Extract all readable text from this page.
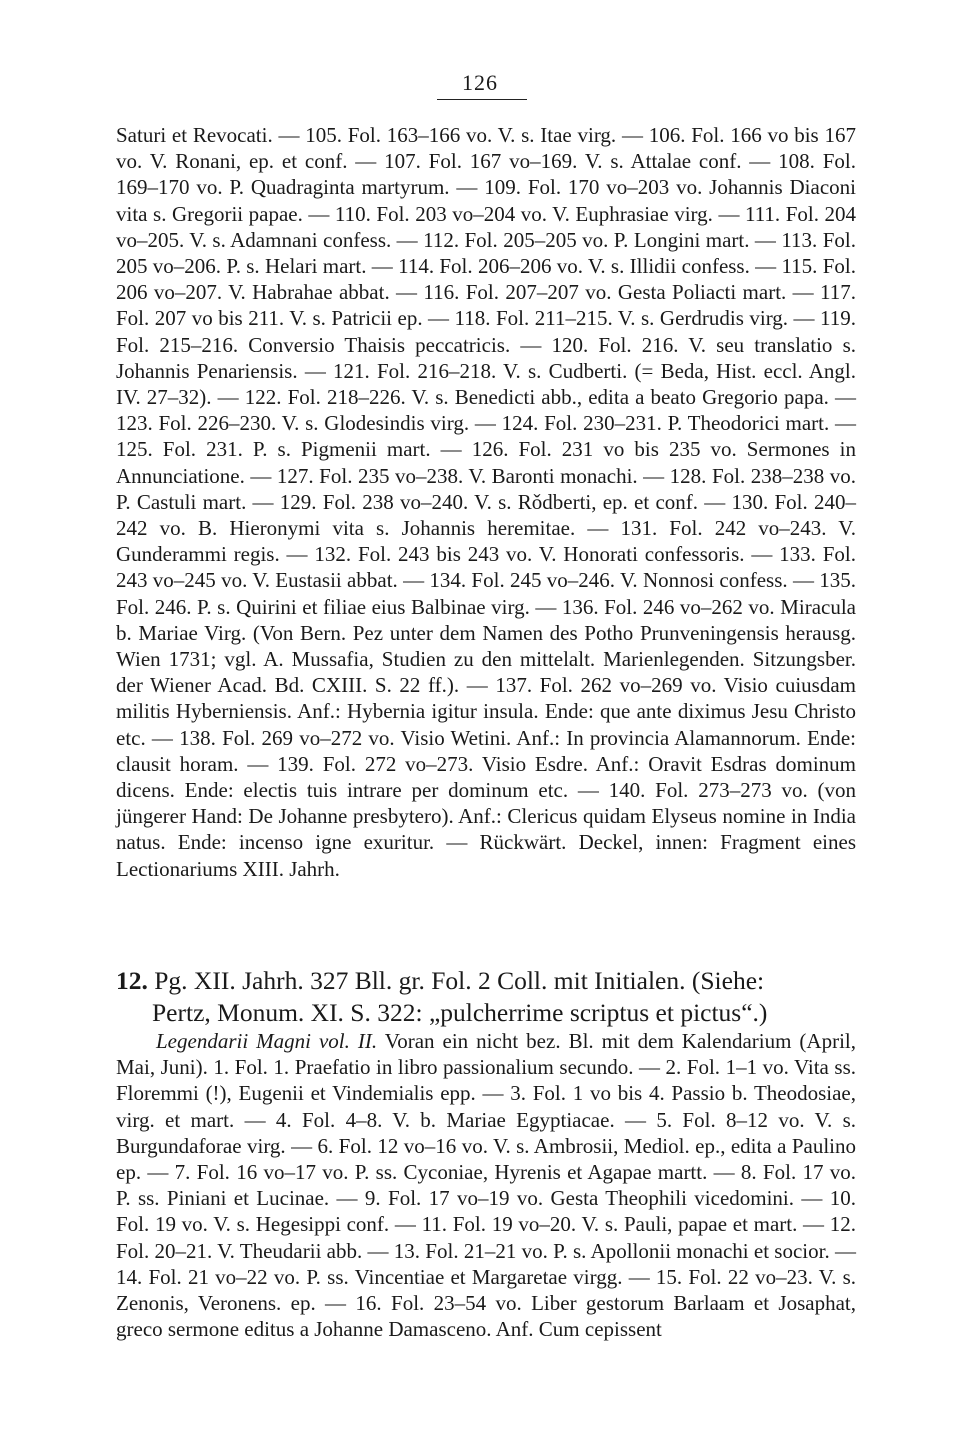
126

Saturi et Revocati. — 105. Fol. 163–166 vo. V. s. Itae virg. — 106. Fol. 166 vo bis 167 vo. V. Ronani, ep. et conf. — 107. Fol. 167 vo–169. V. s. Attalae conf. — 108. Fol. 169–170 vo. P. Quadraginta martyrum. — 109. Fol. 170 vo–203 vo. Johannis Diaconi vita s. Gregorii papae. — 110. Fol. 203 vo–204 vo. V. Euphrasiae virg. — 111. Fol. 204 vo–205. V. s. Adamnani confess. — 112. Fol. 205–205 vo. P. Longini mart. — 113. Fol. 205 vo–206. P. s. Helari mart. — 114. Fol. 206–206 vo. V. s. Illidii confess. — 115. Fol. 206 vo–207. V. Habrahae abbat. — 116. Fol. 207–207 vo. Gesta Poliacti mart. — 117. Fol. 207 vo bis 211. V. s. Patricii ep. — 118. Fol. 211–215. V. s. Gerdrudis virg. — 119. Fol. 215–216. Conversio Thaisis peccatricis. — 120. Fol. 216. V. seu translatio s. Johannis Penariensis. — 121. Fol. 216–218. V. s. Cudberti. (= Beda, Hist. eccl. Angl. IV. 27–32). — 122. Fol. 218–226. V. s. Benedicti abb., edita a beato Gregorio papa. — 123. Fol. 226–230. V. s. Glodesindis virg. — 124. Fol. 230–231. P. Theodorici mart. — 125. Fol. 231. P. s. Pigmenii mart. — 126. Fol. 231 vo bis 235 vo. Sermones in Annunciatione. — 127. Fol. 235 vo–238. V. Baronti monachi. — 128. Fol. 238–238 vo. P. Castuli mart. — 129. Fol. 238 vo–240. V. s. Rǒdberti, ep. et conf. — 130. Fol. 240–242 vo. B. Hieronymi vita s. Johannis heremitae. — 131. Fol. 242 vo–243. V. Gunderammi regis. — 132. Fol. 243 bis 243 vo. V. Honorati confessoris. — 133. Fol. 243 vo–245 vo. V. Eustasii abbat. — 134. Fol. 245 vo–246. V. Nonnosi confess. — 135. Fol. 246. P. s. Quirini et filiae eius Balbinae virg. — 136. Fol. 246 vo–262 vo. Miracula b. Mariae Virg. (Von Bern. Pez unter dem Namen des Potho Prunveningensis herausg. Wien 1731; vgl. A. Mussafia, Studien zu den mittelalt. Marienlegenden. Sitzungsber. der Wiener Acad. Bd. CXIII. S. 22 ff.). — 137. Fol. 262 vo–269 vo. Visio cuiusdam militis Hyberniensis. Anf.: Hybernia igitur insula. Ende: que ante diximus Jesu Christo etc. — 138. Fol. 269 vo–272 vo. Visio Wetini. Anf.: In provincia Alamannorum. Ende: clausit horam. — 139. Fol. 272 vo–273. Visio Esdre. Anf.: Oravit Esdras dominum dicens. Ende: electis tuis intrare per dominum etc. — 140. Fol. 273–273 vo. (von jüngerer Hand: De Johanne presbytero). Anf.: Clericus quidam Elyseus nomine in India natus. Ende: incenso igne exuritur. — Rückwärt. Deckel, innen: Fragment eines Lectionariums XIII. Jahrh.

12. Pg. XII. Jahrh. 327 Bll. gr. Fol. 2 Coll. mit Initialen. (Siehe:
Pertz, Monum. XI. S. 322: „pulcherrime scriptus et pictus“.)

Legendarii Magni vol. II. Voran ein nicht bez. Bl. mit dem Kalendarium (April, Mai, Juni). 1. Fol. 1. Praefatio in libro passionalium secundo. — 2. Fol. 1–1 vo. Vita ss. Floremmi (!), Eugenii et Vindemialis epp. — 3. Fol. 1 vo bis 4. Passio b. Theodosiae, virg. et mart. — 4. Fol. 4–8. V. b. Mariae Egyptiacae. — 5. Fol. 8–12 vo. V. s. Burgundaforae virg. — 6. Fol. 12 vo–16 vo. V. s. Ambrosii, Mediol. ep., edita a Paulino ep. — 7. Fol. 16 vo–17 vo. P. ss. Cyconiae, Hyrenis et Agapae martt. — 8. Fol. 17 vo. P. ss. Piniani et Lucinae. — 9. Fol. 17 vo–19 vo. Gesta Theophili vicedomini. — 10. Fol. 19 vo. V. s. Hegesippi conf. — 11. Fol. 19 vo–20. V. s. Pauli, papae et mart. — 12. Fol. 20–21. V. Theudarii abb. — 13. Fol. 21–21 vo. P. s. Apollonii monachi et socior. — 14. Fol. 21 vo–22 vo. P. ss. Vincentiae et Margaretae virgg. — 15. Fol. 22 vo–23. V. s. Zenonis, Veronens. ep. — 16. Fol. 23–54 vo. Liber gestorum Barlaam et Josaphat, greco sermone editus a Johanne Damasceno. Anf. Cum cepissent
